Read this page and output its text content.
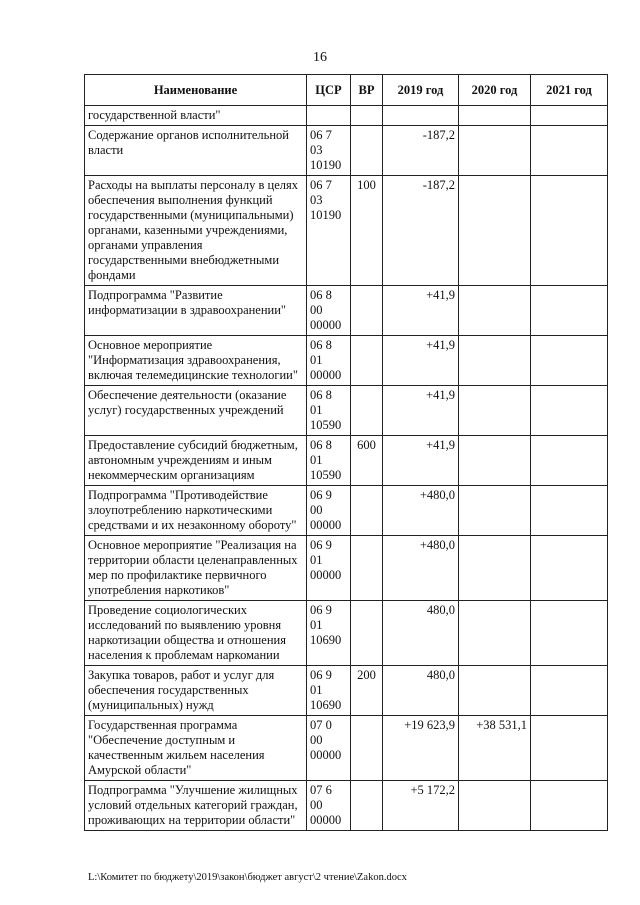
16
Наименование	ЦСР	ВР	2019 год	2020 год	2021 год
государственной власти"					
Содержание органов исполнительной власти	06 7 03 10190		-187,2		
Расходы на выплаты персоналу в целях обеспечения выполнения функций государственными (муниципальными) органами, казенными учреждениями, органами управления государственными внебюджетными фондами	06 7 03 10190	100	-187,2		
Подпрограмма "Развитие информатизации в здравоохранении"	06 8 00 00000		+41,9		
Основное мероприятие "Информатизация здравоохранения, включая телемедицинские технологии"	06 8 01 00000		+41,9		
Обеспечение деятельности (оказание услуг) государственных учреждений	06 8 01 10590		+41,9		
Предоставление субсидий бюджетным, автономным учреждениям и иным некоммерческим организациям	06 8 01 10590	600	+41,9		
Подпрограмма "Противодействие злоупотреблению наркотическими средствами и их незаконному обороту"	06 9 00 00000		+480,0		
Основное мероприятие "Реализация на территории области целенаправленных мер по профилактике первичного употребления наркотиков"	06 9 01 00000		+480,0		
Проведение социологических исследований по выявлению уровня наркотизации общества и отношения населения к проблемам наркомании	06 9 01 10690		480,0		
Закупка товаров, работ и услуг для обеспечения государственных (муниципальных) нужд	06 9 01 10690	200	480,0		
Государственная программа "Обеспечение доступным и качественным жильем населения Амурской области"	07 0 00 00000		+19 623,9	+38 531,1	
Подпрограмма "Улучшение жилищных условий отдельных категорий граждан, проживающих на территории области"	07 6 00 00000		+5 172,2		
L:\Комитет по бюджету\2019\закон\бюджет август\2 чтение\Zakon.docx
